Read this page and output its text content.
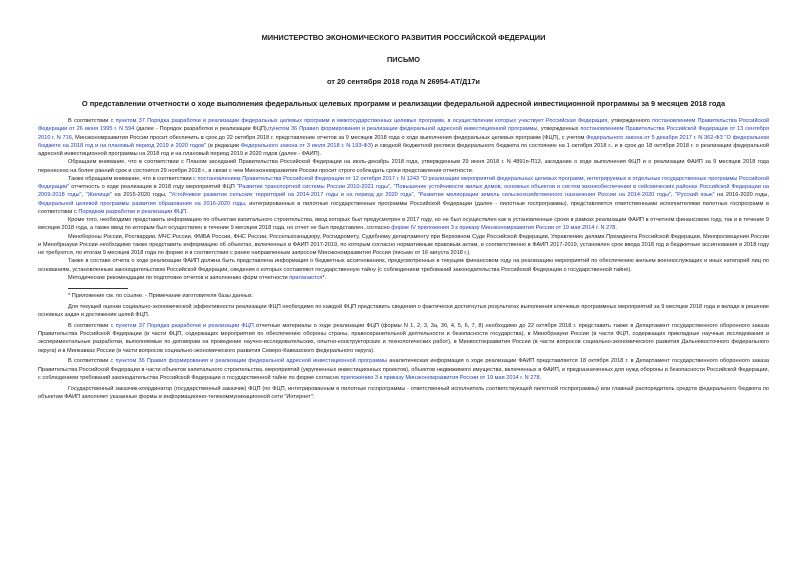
МИНИСТЕРСТВО ЭКОНОМИЧЕСКОГО РАЗВИТИЯ РОССИЙСКОЙ ФЕДЕРАЦИИ
ПИСЬМО
от 20 сентября 2018 года N 26954-АТ/Д17и
О представлении отчетности о ходе выполнения федеральных целевых программ и реализации федеральной адресной инвестиционной программы за 9 месяцев 2018 года

В соответствии с пунктом 37 Порядка разработки и реализации федеральных целевых программ и межгосударственных целевых программ, в осуществлении которых участвует Российская Федерация, утвержденного постановлением Правительства Российской Федерации от 26 июня 1995 г. N 594 (далее - Порядок разработки и реализации ФЦП),пунктом 36 Правил формирования и реализации федеральной адресной инвестиционной программы, утвержденных постановлением Правительства Российской Федерации от 13 сентября 2010 г. N 716, Минэкономразвития России просит обеспечить в срок до 22 октября 2018 г. представление отчетов за 9 месяцев 2018 года о ходе выполнения федеральных целевых программ (ФЦП), с учетом Федерального закона от 5 декабря 2017 г. N 362-ФЗ "О федеральном бюджете на 2018 год и на плановый период 2019 и 2020 годов" (в редакции Федерального закона от 3 июля 2018 г. N 193-ФЗ) и сводной бюджетной росписи федерального бюджета по состоянию на 1 октября 2018 г., и в срок до 18 октября 2018 г. о реализации федеральной адресной инвестиционной программы на 2018 год и на плановый период 2019 и 2020 годов (далее - ФАИП).

Обращаем внимание, что в соответствии с Планом заседаний Правительства Российской Федерации на июль-декабрь 2018 года, утвержденным 29 июня 2018 г. N 4891п-П13, заседание о ходе выполнения ФЦП и о реализации ФАИП за 9 месяцев 2018 года перенесено на более ранний срок и состоится 29 ноября 2018 г., в связи с чем Минэкономразвития России просит строго соблюдать сроки представления отчетности.

Также обращаем внимание, что в соответствии с постановлением Правительства Российской Федерации от 12 октября 2017 г. N 1243 "О реализации мероприятий федеральных целевых программ, интегрируемых в отдельные государственные программы Российской Федерации" отчетность о ходе реализации в 2018 году мероприятий ФЦП "Развитие транспортной системы России 2010-2021 годы", "Повышение устойчивости жилых домов, основных объектов и систем жизнеобеспечения в сейсмических районах Российской Федерации на 2009-2018 годы", "Жилище" на 2015-2020 годы, "Устойчивое развитие сельских территорий на 2014-2017 годы и на период до 2020 года", "Развитие мелиорации земель сельскохозяйственного назначения России на 2014-2020 годы", "Русский язык" на 2016-2020 годы, Федеральной целевой программы развития образования на 2016-2020 годы, интегрированных в пилотные государственные программы Российской Федерации (далее - пилотные госпрограммы), представляется ответственными исполнителями пилотных госпрограмм в соответствии с Порядком разработки и реализации ФЦП.

Кроме того, необходимо представить информацию по объектам капитального строительства, ввод которых был предусмотрен в 2017 году, но не был осуществлен как в установленные сроки в рамках реализации ФАИП в отчетном финансовом году, так и в течение 9 месяцев 2018 года, а также ввод по которым был осуществлен в течение 9 месяцев 2018 года, но отчет не был представлен, согласно форме IV приложения 3 к приказу Минэкономразвития России от 19 мая 2014 г. N 278.

Минобороны России, Росгвардии, МЧС России, ФМБА России, ФНС России, Россельхознадзору, Росгидромету, Судебному департаменту при Верховном Суде Российской Федерации, Управлению делами Президента Российской Федерации, Минпросвещения России и Минобрнауки России необходимо также представить информацию об объектах, включенных в ФАИП 2017-2019, по которым согласно нормативным правовым актам, и соответственно в ФАИП 2017-2019, установлен срок ввода 2018 год и бюджетные ассигнования в 2018 году не требуются, по итогам 9 месяцев 2018 года по форме и в соответствии с ранее направленным запросом Минэкономразвития России (письмо от 16 августа 2018 г.).

Также в составе отчета о ходе реализации ФАИП должна быть представлена информация о бюджетных ассигнованиях, предусмотренных в текущем финансовом году на реализацию мероприятий по обеспечению жильем военнослужащих и иных категорий лиц по основаниям, установленным законодательством Российской Федерации, сведения о которых составляют государственную тайну (с соблюдением требований законодательства Российской Федерации о государственной тайне).

Методические рекомендации по подготовке отчетов и заполнению форм отчетности прилагаются*.

* Приложение см. по ссылке. - Примечание изготовителя базы данных.

Для текущей оценки социально-экономической эффективности реализации ФЦП необходимо по каждой ФЦП представить сведения о фактически достигнутых результатах выполнения ключевых программных мероприятий за 9 месяцев 2018 года и вкладе в решение основных задач и достижение целей ФЦП.

В соответствии с пунктом 37 Порядка разработки и реализации ФЦП отчетные материалы о ходе реализации ФЦП (формы N 1, 2, 3, 3а, 3б, 4, 5, 6, 7, 8) необходимо до 22 октября 2018 г. представить также в Департамент государственного оборонного заказа Правительства Российской Федерации (в части ФЦП, содержащих мероприятия по обеспечению обороны страны, правоохранительной деятельности и безопасности государства), в Минобрнауки России (в части ФЦП, содержащих прикладные научные исследования и экспериментальные разработки, выполняемые по договорам на проведение научно-исследовательских, опытно-конструкторских и технологических работ), в Минвостокразвития России (в части вопросов социально-экономического развития Дальневосточного федерального округа) и в Минкавказ России (в части вопросов социально-экономического развития Северо-Кавказского федерального округа).

В соответствии с пунктом 36 Правил формирования и реализации федеральной адресной инвестиционной программы аналитическая информация о ходе реализации ФАИП представляется 18 октября 2018 г. в Департамент государственного оборонного заказа Правительства Российской Федерации в части объектов капитального строительства, мероприятий (укрупненных инвестиционных проектов), объектов недвижимого имущества, включенных в ФАИП, и предназначенных для нужд обороны и безопасности Российской Федерации, с соблюдением требований законодательства Российской Федерации о государственной тайне по форме согласно приложению 3 к приказу Минэкономразвития России от 19 мая 2014 г. N 278.

Государственный заказчик-координатор (государственный заказчик) ФЦП (по ФЦП, интегрированным в пилотные госпрограммы - ответственный исполнитель соответствующей пилотной госпрограммы) или главный распорядитель средств федерального бюджета по объектам ФАИП заполняет указанные формы в информационно-телекоммуникационной сети "Интернет":
